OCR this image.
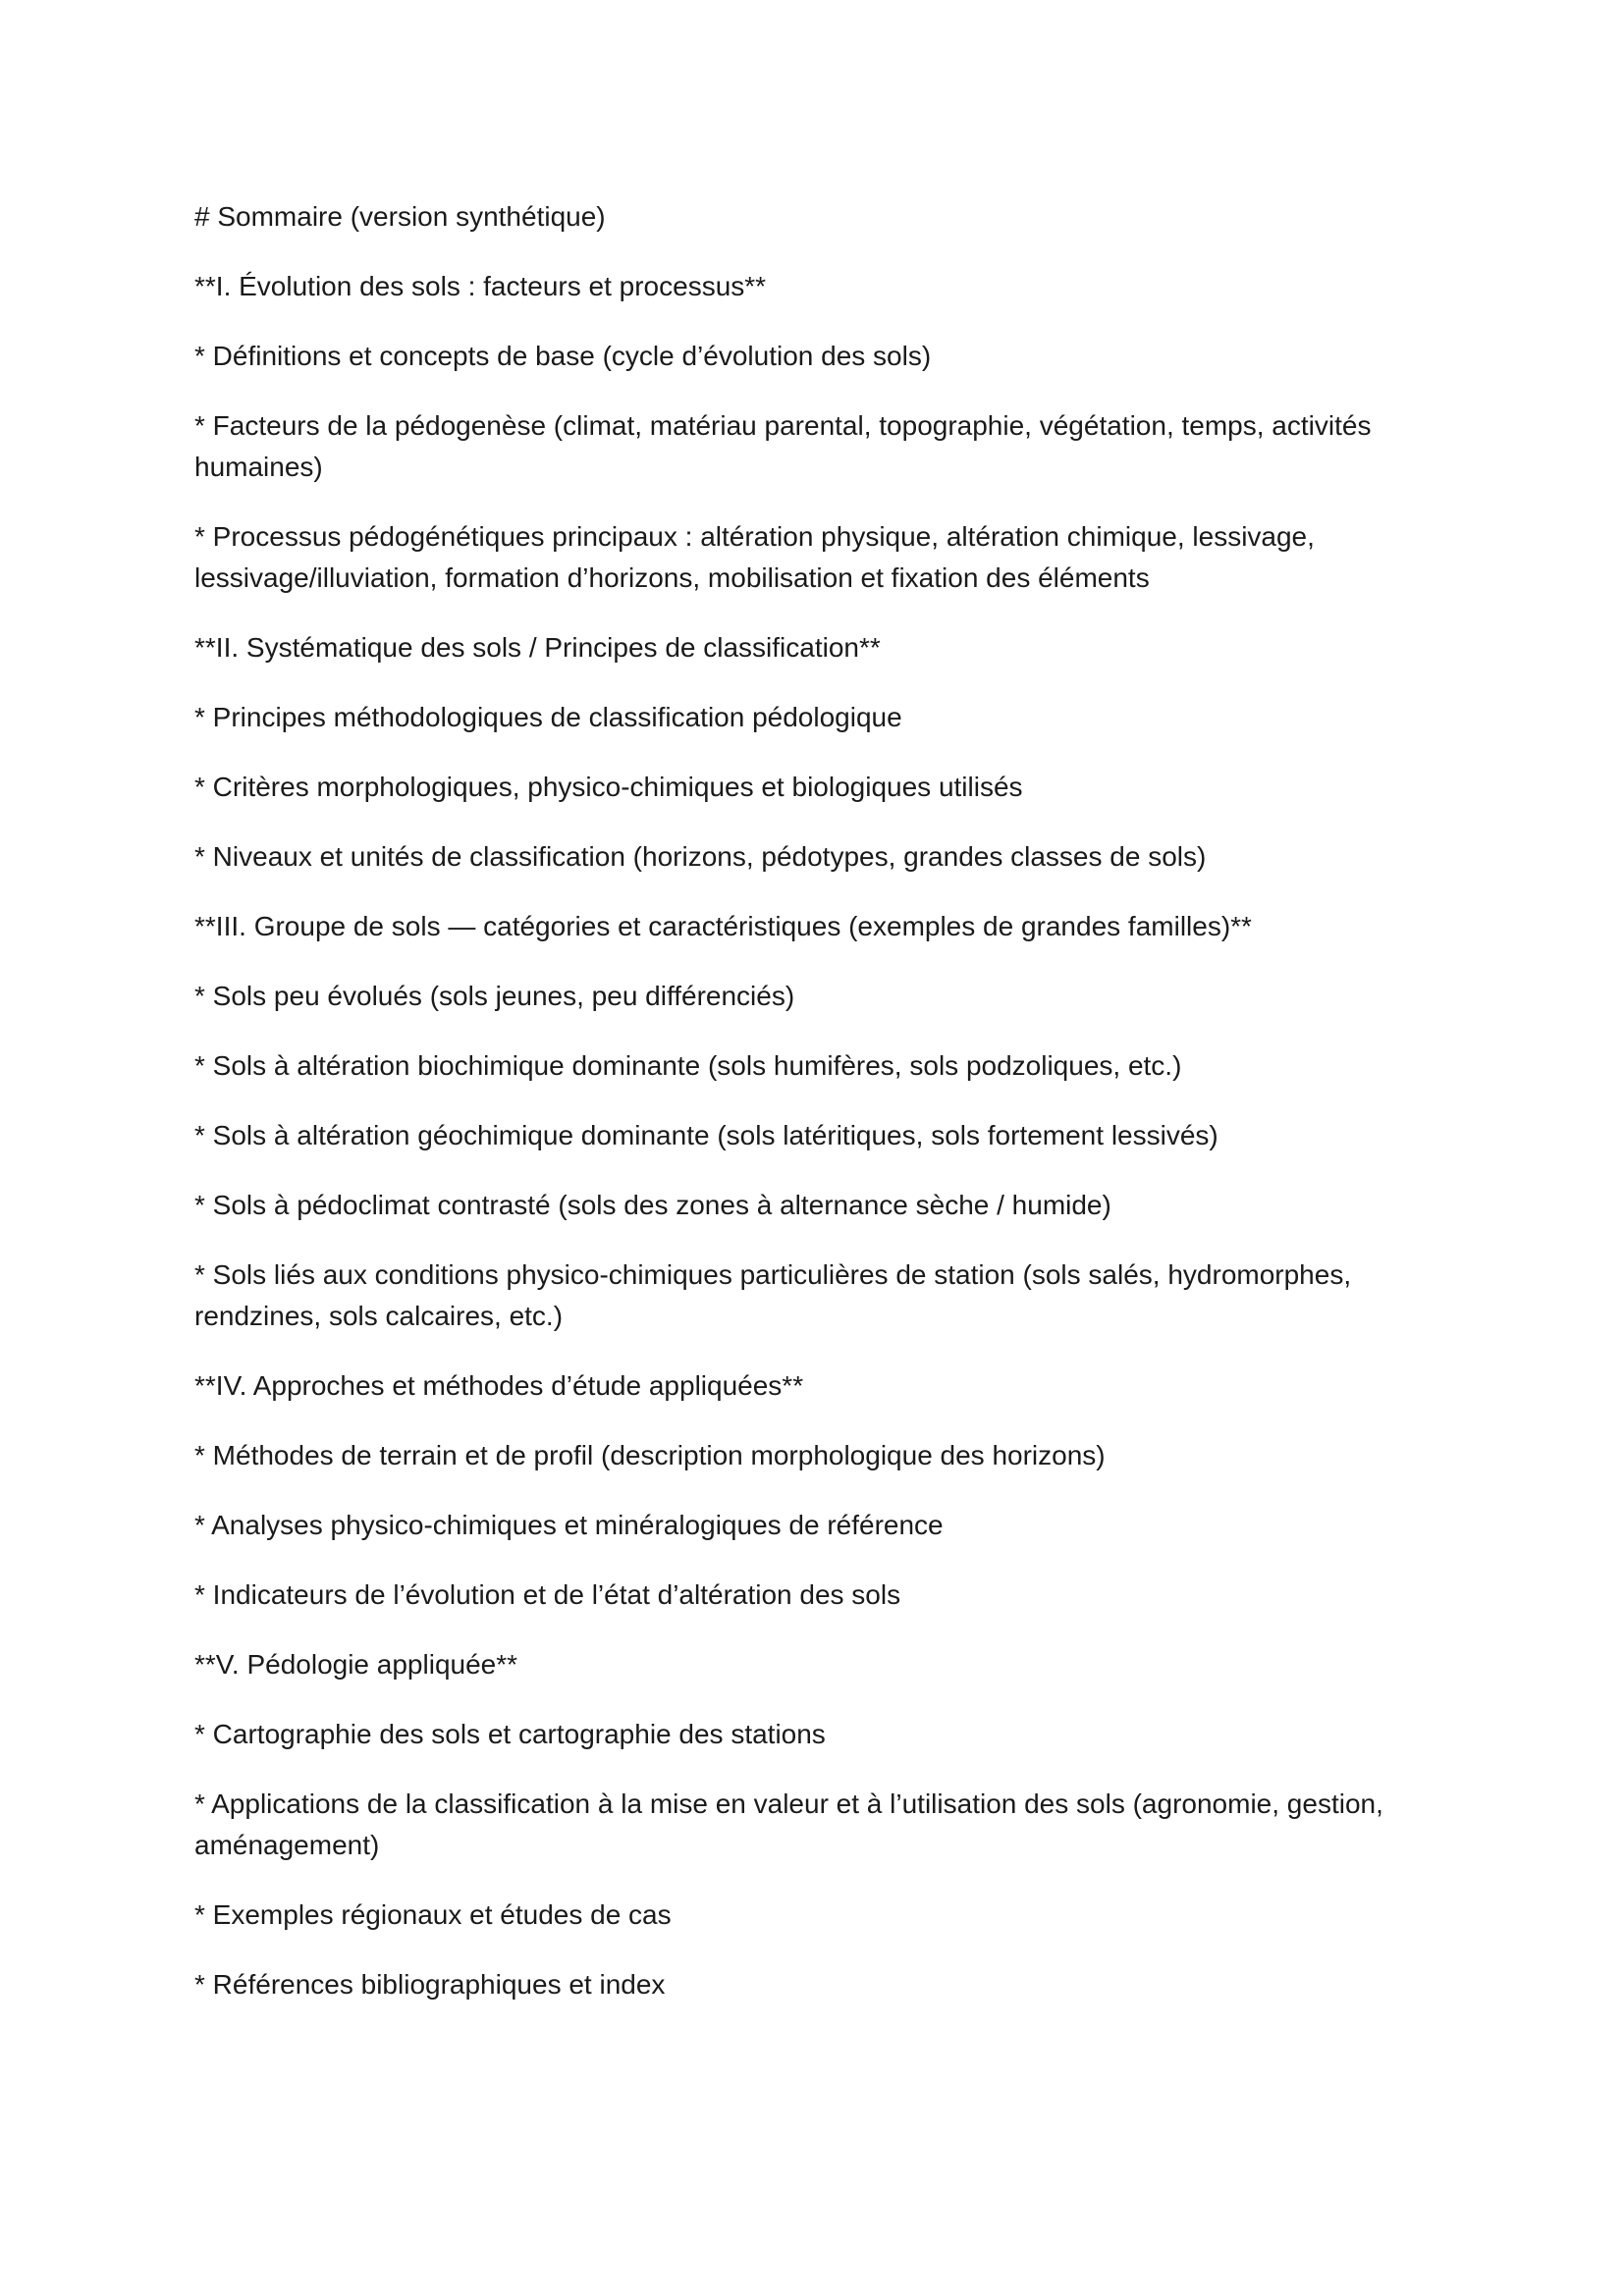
# Sommaire (version synthétique)

**I. Évolution des sols : facteurs et processus**

* Définitions et concepts de base (cycle d’évolution des sols)

* Facteurs de la pédogenèse (climat, matériau parental, topographie, végétation, temps, activités humaines)

* Processus pédogénétiques principaux : altération physique, altération chimique, lessivage, lessivage/illuviation, formation d’horizons, mobilisation et fixation des éléments

**II. Systématique des sols / Principes de classification**

* Principes méthodologiques de classification pédologique

* Critères morphologiques, physico-chimiques et biologiques utilisés

* Niveaux et unités de classification (horizons, pédotypes, grandes classes de sols)

**III. Groupe de sols — catégories et caractéristiques (exemples de grandes familles)**

* Sols peu évolués (sols jeunes, peu différenciés)

* Sols à altération biochimique dominante (sols humifères, sols podzoliques, etc.)

* Sols à altération géochimique dominante (sols latéritiques, sols fortement lessivés)

* Sols à pédoclimat contrasté (sols des zones à alternance sèche / humide)

* Sols liés aux conditions physico-chimiques particulières de station (sols salés, hydromorphes, rendzines, sols calcaires, etc.)

**IV. Approches et méthodes d’étude appliquées**

* Méthodes de terrain et de profil (description morphologique des horizons)

* Analyses physico-chimiques et minéralogiques de référence

* Indicateurs de l’évolution et de l’état d’altération des sols

**V. Pédologie appliquée**

* Cartographie des sols et cartographie des stations

* Applications de la classification à la mise en valeur et à l’utilisation des sols (agronomie, gestion, aménagement)

* Exemples régionaux et études de cas

* Références bibliographiques et index
